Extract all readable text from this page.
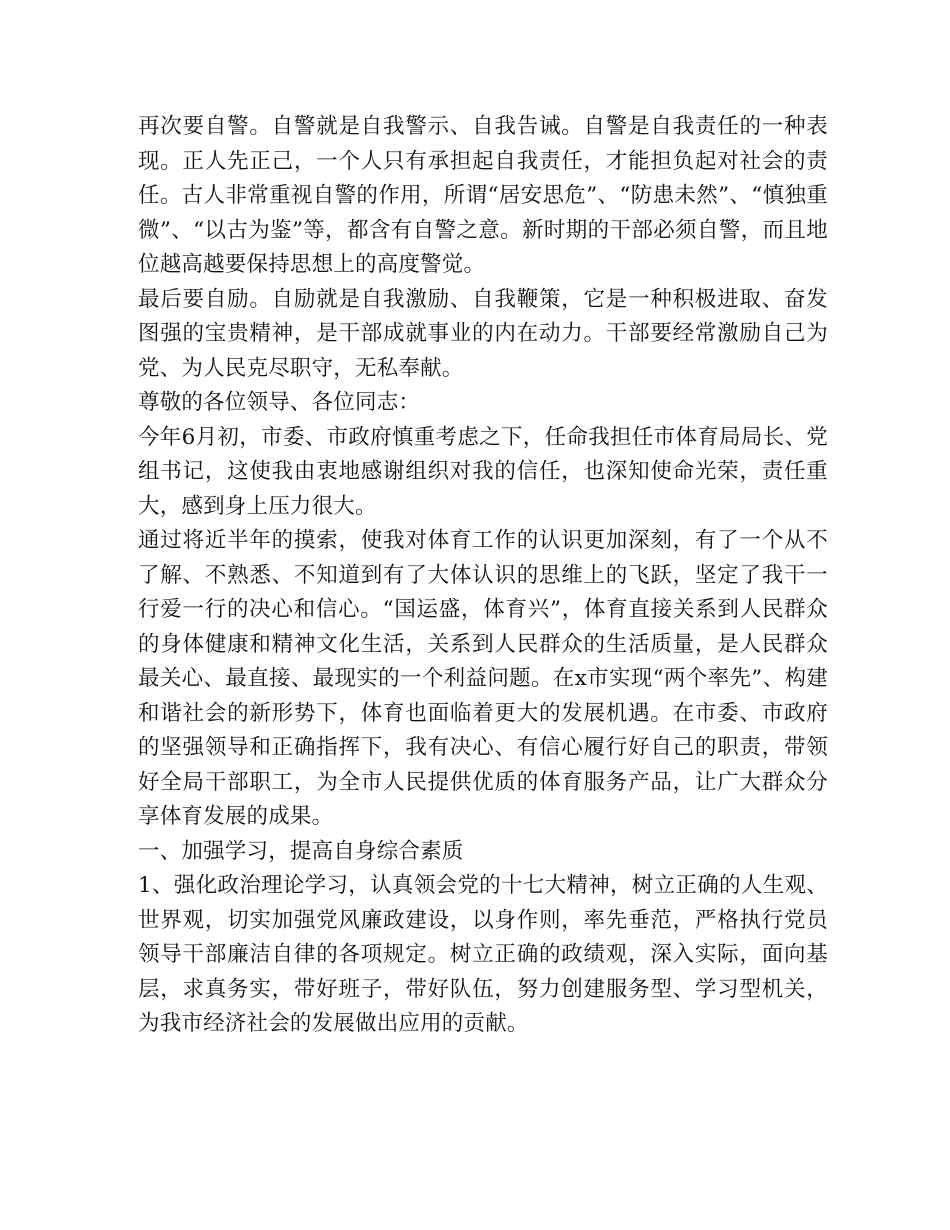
再次要自警。自警就是自我警示、自我告诫。自警是自我责任的一种表现。正人先正己，一个人只有承担起自我责任，才能担负起对社会的责任。古人非常重视自警的作用，所谓“居安思危”、“防患未然”、“慎独重微”、“以古为鉴”等，都含有自警之意。新时期的干部必须自警，而且地位越高越要保持思想上的高度警觉。

最后要自励。自励就是自我激励、自我鞭策，它是一种积极进取、奋发图强的宝贵精神，是干部成就事业的内在动力。干部要经常激励自己为党、为人民克尽职守，无私奉献。

尊敬的各位领导、各位同志：

今年6月初，市委、市政府慎重考虑之下，任命我担任市体育局局长、党组书记，这使我由衷地感谢组织对我的信任，也深知使命光荣，责任重大，感到身上压力很大。

通过将近半年的摸索，使我对体育工作的认识更加深刻，有了一个从不了解、不熟悉、不知道到有了大体认识的思维上的飞跃，坚定了我干一行爱一行的决心和信心。“国运盛，体育兴”，体育直接关系到人民群众的身体健康和精神文化生活，关系到人民群众的生活质量，是人民群众最关心、最直接、最现实的一个利益问题。在x市实现“两个率先”、构建和谐社会的新形势下，体育也面临着更大的发展机遇。在市委、市政府的坚强领导和正确指挥下，我有决心、有信心履行好自己的职责，带领好全局干部职工，为全市人民提供优质的体育服务产品，让广大群众分享体育发展的成果。

一、加强学习，提高自身综合素质

1、强化政治理论学习，认真领会党的十七大精神，树立正确的人生观、世界观，切实加强党风廉政建设，以身作则，率先垂范，严格执行党员领导干部廉洁自律的各项规定。树立正确的政绩观，深入实际，面向基层，求真务实，带好班子，带好队伍，努力创建服务型、学习型机关，为我市经济社会的发展做出应用的贡献。
